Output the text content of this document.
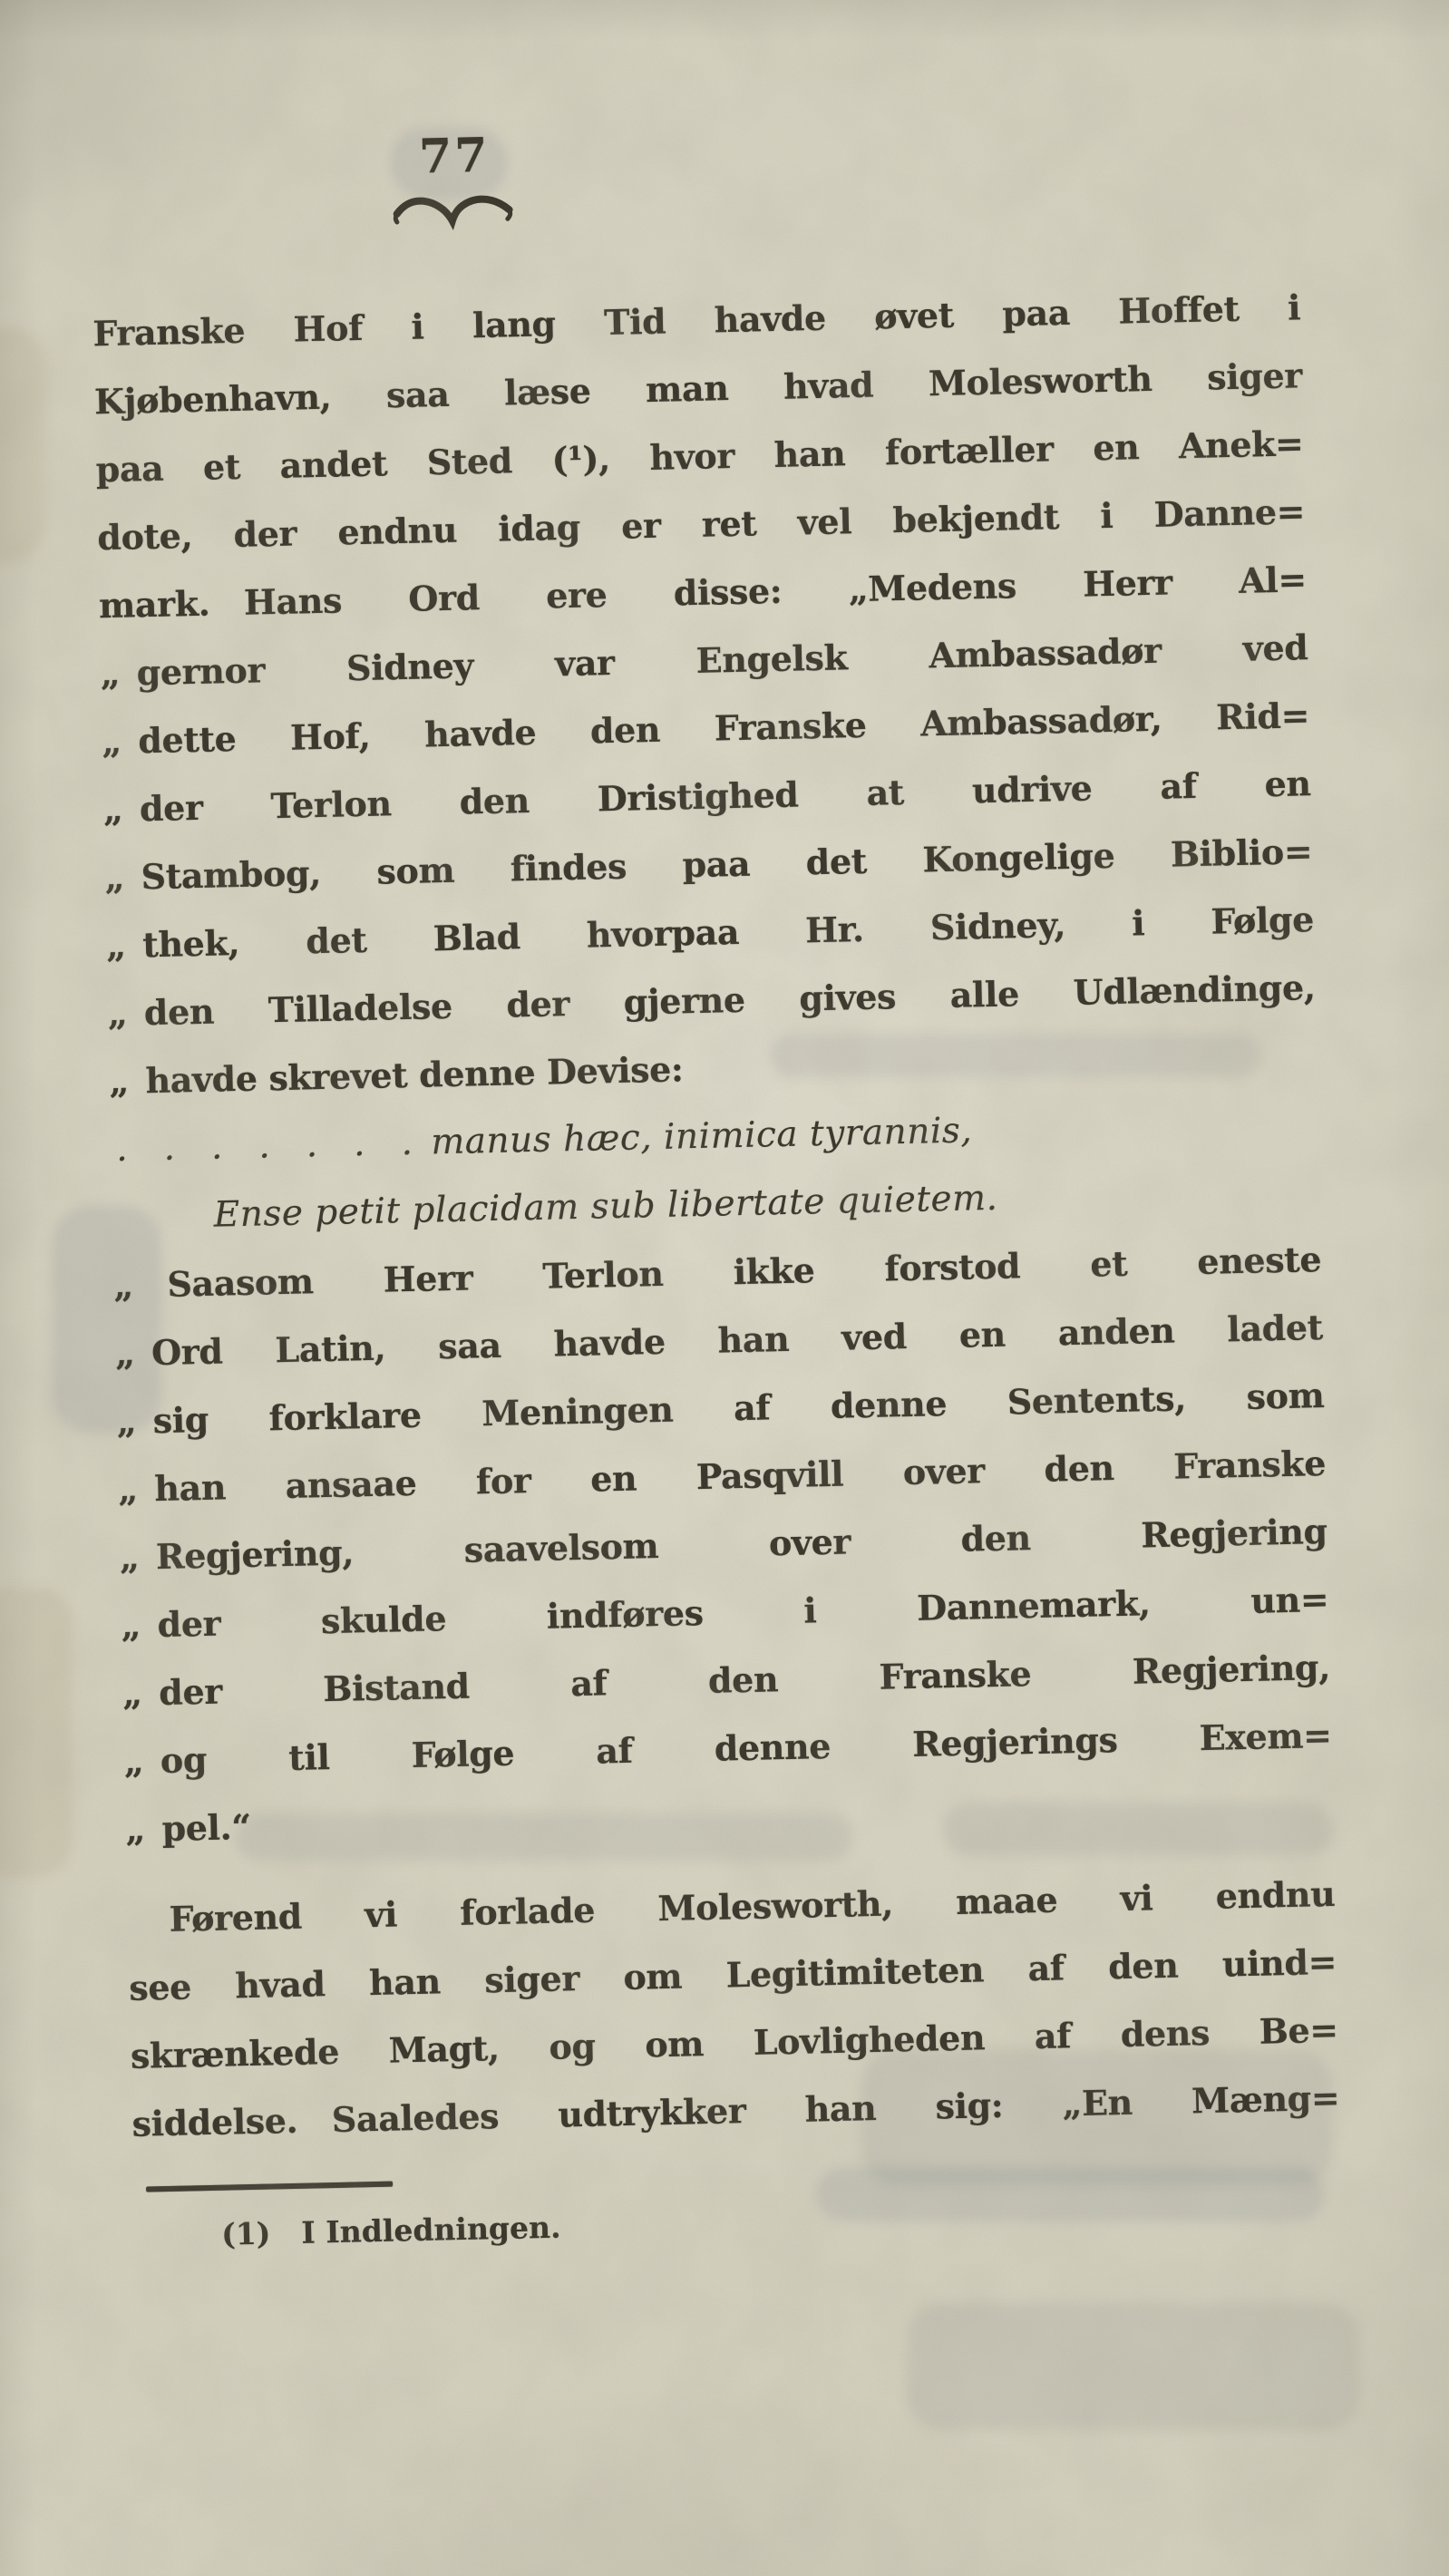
77
Franske Hof i lang Tid havde øvet paa Hoffet i
Kjøbenhavn, saa læse man hvad Molesworth siger
paa et andet Sted (¹), hvor han fortæller en Anek=
dote, der endnu idag er ret vel bekjendt i Danne=
mark. Hans Ord ere disse: „Medens Herr Al=
„ gernor Sidney var Engelsk Ambassadør ved
„ dette Hof, havde den Franske Ambassadør, Rid=
„ der Terlon den Dristighed at udrive af en
„ Stambog, som findes paa det Kongelige Biblio=
„ thek, det Blad hvorpaa Hr. Sidney, i Følge
„ den Tilladelse der gjerne gives alle Udlændinge,
„ havde skrevet denne Devise:
. . . . . . . manus hæc, inimica tyrannis,
Ense petit placidam sub libertate quietem.
„ Saasom Herr Terlon ikke forstod et eneste
„ Ord Latin, saa havde han ved en anden ladet
„ sig forklare Meningen af denne Sentents, som
„ han ansaae for en Pasqvill over den Franske
„ Regjering, saavelsom over den Regjering
„ der skulde indføres i Dannemark, un=
„ der Bistand af den Franske Regjering,
„ og til Følge af denne Regjerings Exem=
„ pel.“
Førend vi forlade Molesworth, maae vi endnu
see hvad han siger om Legitimiteten af den uind=
skrænkede Magt, og om Lovligheden af dens Be=
siddelse. Saaledes udtrykker han sig: „En Mæng=
(1) I Indledningen.
